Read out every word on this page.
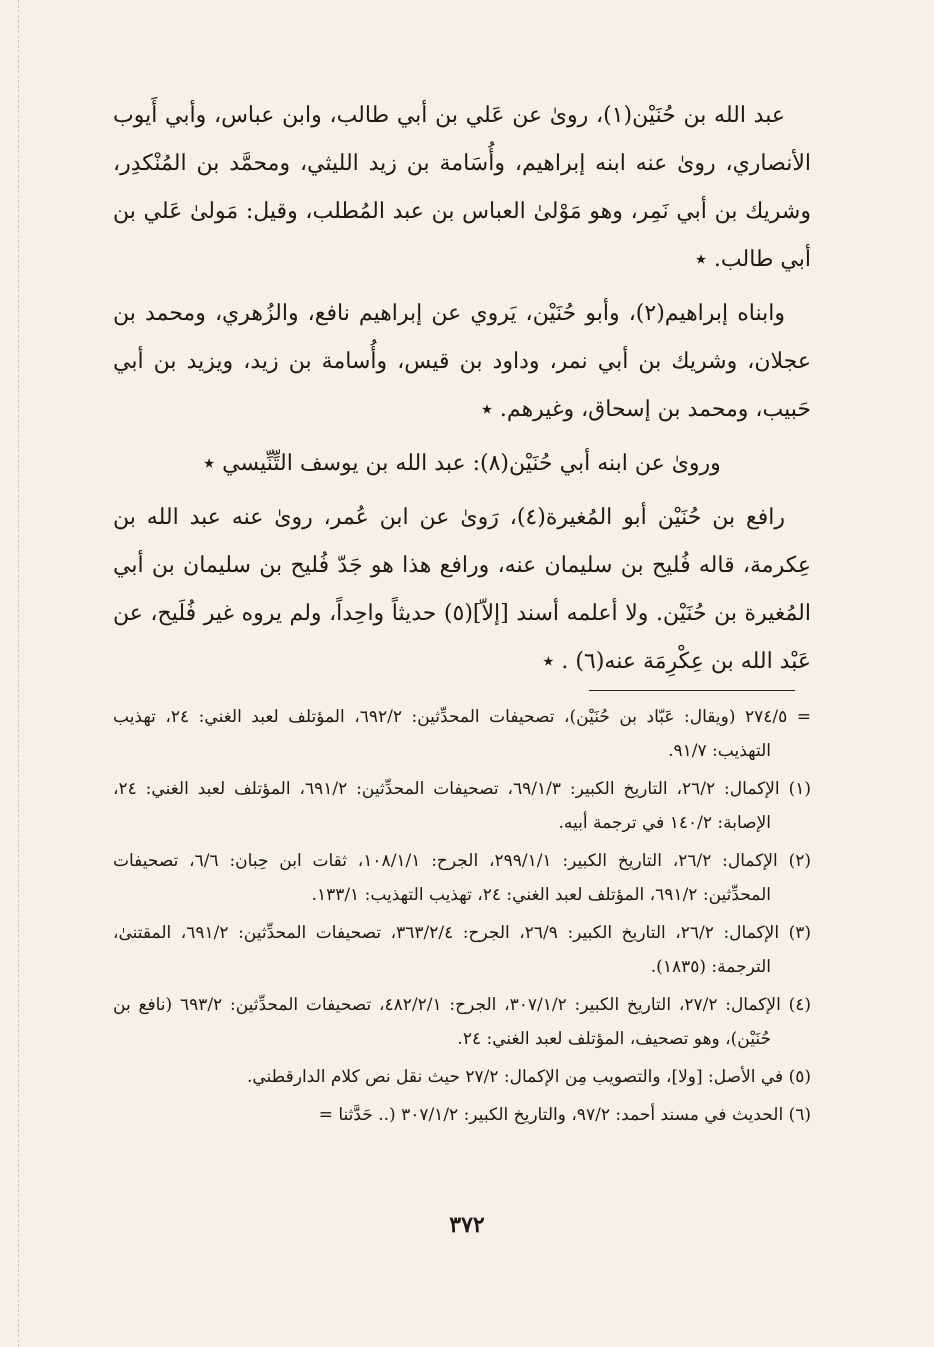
عبد الله بن حُنَيْن(١)، روىٰ عن عَلي بن أبي طالب، وابن عباس، وأبي أَيوب الأنصاري، روىٰ عنه ابنه إبراهيم، وأُسَامة بن زيد الليثي، ومحمَّد بن المُنْكدِر، وشريك بن أبي نَمِر، وهو مَوْلىٰ العباس بن عبد المُطلب، وقيل: مَولىٰ عَلي بن أبي طالب. ٭

وابناه إبراهيم(٢)، وأبو حُنَيْن، يَروي عن إبراهيم نافع، والزُهري، ومحمد بن عجلان، وشريك بن أبي نمر، وداود بن قيس، وأُسامة بن زيد، ويزيد بن أبي حَبيب، ومحمد بن إسحاق، وغيرهم. ٭

وروىٰ عن ابنه أبي حُنَيْن(٨): عبد الله بن يوسف التِّنِّيسي ٭

رافع بن حُنَيْن أبو المُغيرة(٤)، رَوىٰ عن ابن عُمر، روىٰ عنه عبد الله بن عِكرمة، قاله فُليح بن سليمان عنه، ورافع هذا هو جَدّ فُليح بن سليمان بن أبي المُغيرة بن حُنَيْن. ولا أعلمه أسند [إلاّ](٥) حديثاً واحِداً، ولم يروه غير فُلَيح، عن عَبْد الله بن عِكْرِمَة عنه(٦) . ٭

= ٢٧٤/٥ (ويقال: عَبّاد بن حُنَيْن)، تصحيفات المحدِّثين: ٦٩٢/٢، المؤتلف لعبد الغني: ٢٤، تهذيب التهذيب: ٩١/٧.

(١) الإكمال: ٢٦/٢، التاريخ الكبير: ٦٩/١/٣، تصحيفات المحدِّثين: ٦٩١/٢، المؤتلف لعبد الغني: ٢٤، الإصابة: ١٤٠/٢ في ترجمة أبيه.

(٢) الإكمال: ٢٦/٢، التاريخ الكبير: ٢٩٩/١/١، الجرح: ١٠٨/١/١، ثقات ابن حِبان: ٦/٦، تصحيفات المحدِّثين: ٦٩١/٢، المؤتلف لعبد الغني: ٢٤، تهذيب التهذيب: ١٣٣/١.

(٣) الإكمال: ٢٦/٢، التاريخ الكبير: ٢٦/٩، الجرح: ٣٦٣/٢/٤، تصحيفات المحدِّثين: ٦٩١/٢، المقتنىٰ، الترجمة: (١٨٣٥).

(٤) الإكمال: ٢٧/٢، التاريخ الكبير: ٣٠٧/١/٢، الجرح: ٤٨٢/٢/١، تصحيفات المحدِّثين: ٦٩٣/٢ (نافع بن حُنَيْن)، وهو تصحيف، المؤتلف لعبد الغني: ٢٤.

(٥) في الأصل: [ولا]، والتصويب مِن الإكمال: ٢٧/٢ حيث نقل نص كلام الدارقطني.

(٦) الحديث في مسند أحمد: ٩٧/٢، والتاريخ الكبير: ٣٠٧/١/٢ (.. حَدَّثنا =

٣٧٢
